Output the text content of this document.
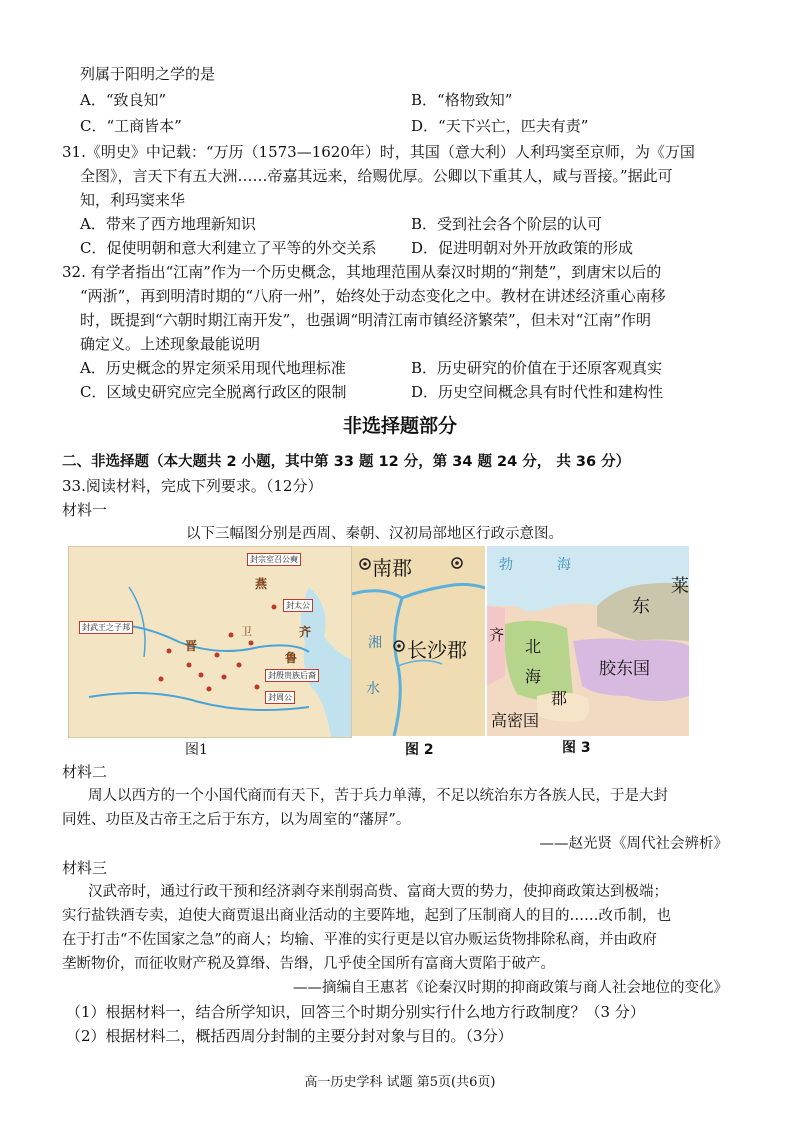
列属于阳明之学的是
A．“致良知”	B．“格物致知”
C．“工商皆本”	D．“天下兴亡，匹夫有责”
31.《明史》中记载：“万历（1573—1620年）时，其国（意大利）人利玛窦至京师，为《万国
全图》，言天下有五大洲……帝嘉其远来，给赐优厚。公卿以下重其人，咸与晋接。”据此可
知，利玛窦来华
A．带来了西方地理新知识	B．受到社会各个阶层的认可
C．促使明朝和意大利建立了平等的外交关系 D．促进明朝对外开放政策的形成
32. 有学者指出“江南”作为一个历史概念，其地理范围从秦汉时期的“荆楚”，到唐宋以后的
“两浙”，再到明清时期的“八府一州”，始终处于动态变化之中。教材在讲述经济重心南移
时，既提到“六朝时期江南开发”，也强调“明清江南市镇经济繁荣”，但未对“江南”作明
确定义。上述现象最能说明
A．历史概念的界定须采用现代地理标准	B．历史研究的价值在于还原客观真实
C．区域史研究应完全脱离行政区的限制	D．历史空间概念具有时代性和建构性
非选择题部分
二、非选择题（本大题共 2 小题，其中第 33 题 12 分，第 34 题 24 分， 共 36 分）
33.阅读材料，完成下列要求。（12分）
材料一
以下三幅图分别是西周、秦朝、汉初局部地区行政示意图。
封宗室召公奭
燕
封殷贵族后裔
封武王之子邦
晋
卫
封周公
齐
鲁
封太公
南郡
湘
水
长沙郡
勃	海
东
莱
齐
北
海
郡
胶东国
高密国
图1	图 2	图 3
材料二
周人以西方的一个小国代商而有天下，苦于兵力单薄，不足以统治东方各族人民，于是大封
同姓、功臣及古帝王之后于东方，以为周室的“藩屏”。
——赵光贤《周代社会辨析》
材料三
汉武帝时，通过行政干预和经济剥夺来削弱高赀、富商大贾的势力，使抑商政策达到极端；
实行盐铁酒专卖，迫使大商贾退出商业活动的主要阵地，起到了压制商人的目的……改币制，也
在于打击“不佐国家之急”的商人；均输、平准的实行更是以官办贩运货物排除私商，并由政府
垄断物价，而征收财产税及算缗、告缗，几乎使全国所有富商大贾陷于破产。
——摘编自王惠茗《论秦汉时期的抑商政策与商人社会地位的变化》
（1）根据材料一，结合所学知识，回答三个时期分别实行什么地方行政制度？（3 分）
（2）根据材料二，概括西周分封制的主要分封对象与目的。（3分）
高一历史学科 试题 第5页(共6页)
